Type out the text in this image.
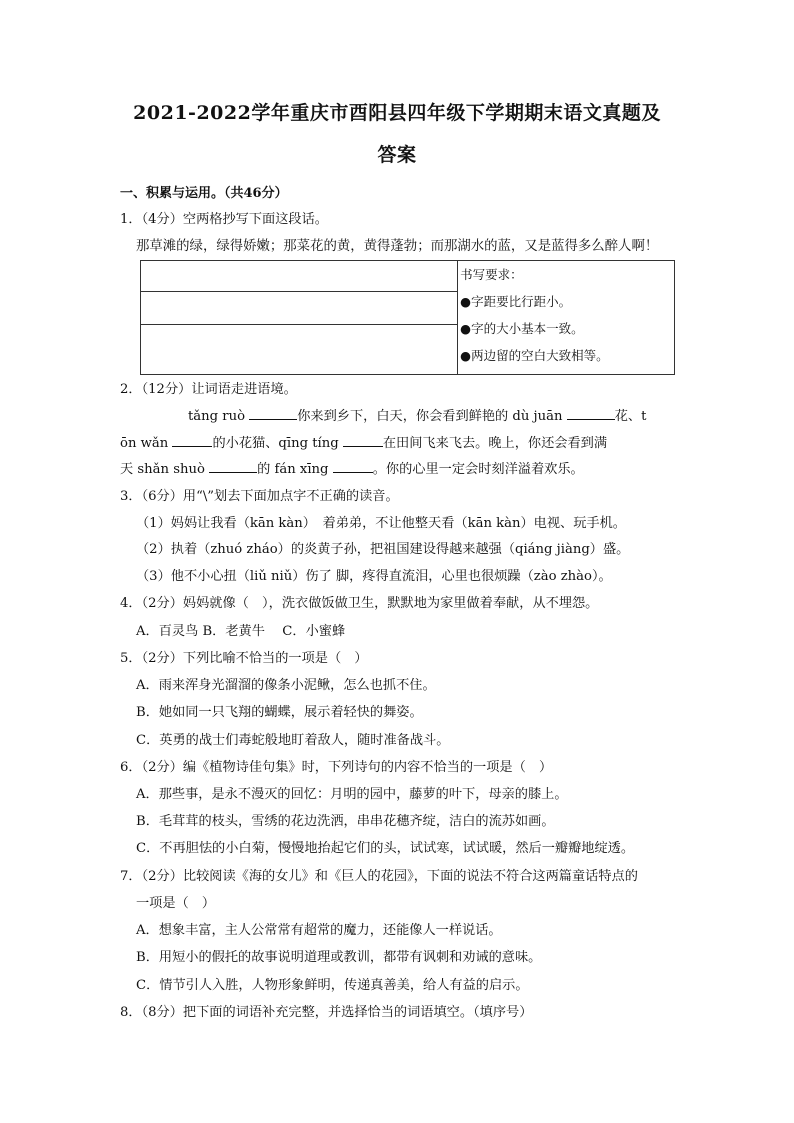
2021-2022学年重庆市酉阳县四年级下学期期末语文真题及
答案
一、积累与运用。（共46分）
1．（4分）空两格抄写下面这段话。
那草滩的绿，绿得娇嫩；那菜花的黄，黄得蓬勃；而那湖水的蓝，又是蓝得多么醉人啊！

书写要求：
●字距要比行距小。
●字的大小基本一致。
●两边留的空白大致相等。

2．（12分）让词语走进语境。
tǎng ruò	你来到乡下，白天，你会看到鲜艳的 dù juān	花、t
ōn wǎn	的小花猫、qīng tíng	在田间飞来飞去。晚上，你还会看到满
天 shǎn shuò	的 fán xīng	。你的心里一定会时刻洋溢着欢乐。
3．（6分）用“\”划去下面加点字不正确的读音。
（1）妈妈让我看（kān kàn）　着弟弟，不让他整天看（kān kàn）电视、玩手机。
（2）执着（zhuó zháo）的炎黄子孙，把祖国建设得越来越强（qiáng jiàng）盛。
（3）他不小心扭（liǔ niǔ）伤了 脚，疼得直流泪，心里也很烦躁（zào zhào）。
4．（2分）妈妈就像（　），洗衣做饭做卫生，默默地为家里做着奉献，从不埋怨。
A．百灵鸟 B．老黄牛　 C．小蜜蜂
5．（2分）下列比喻不恰当的一项是（　）
A．雨来浑身光溜溜的像条小泥鳅，怎么也抓不住。
B．她如同一只飞翔的蝴蝶，展示着轻快的舞姿。
C．英勇的战士们毒蛇般地盯着敌人，随时准备战斗。
6．（2分）编《植物诗佳句集》时，下列诗句的内容不恰当的一项是（　）
A．那些事，是永不漫灭的回忆：月明的园中，藤萝的叶下，母亲的膝上。
B．毛茸茸的枝头，雪绣的花边洗洒，串串花穗齐绽，洁白的流苏如画。
C．不再胆怯的小白菊，慢慢地抬起它们的头，试试寒，试试暖，然后一瓣瓣地绽透。
7．（2分）比较阅读《海的女儿》和《巨人的花园》，下面的说法不符合这两篇童话特点的
一项是（　）
A．想象丰富，主人公常常有超常的魔力，还能像人一样说话。
B．用短小的假托的故事说明道理或教训，都带有讽刺和劝诫的意味。
C．情节引人入胜，人物形象鲜明，传递真善美，给人有益的启示。
8．（8分）把下面的词语补充完整，并选择恰当的词语填空。（填序号）
